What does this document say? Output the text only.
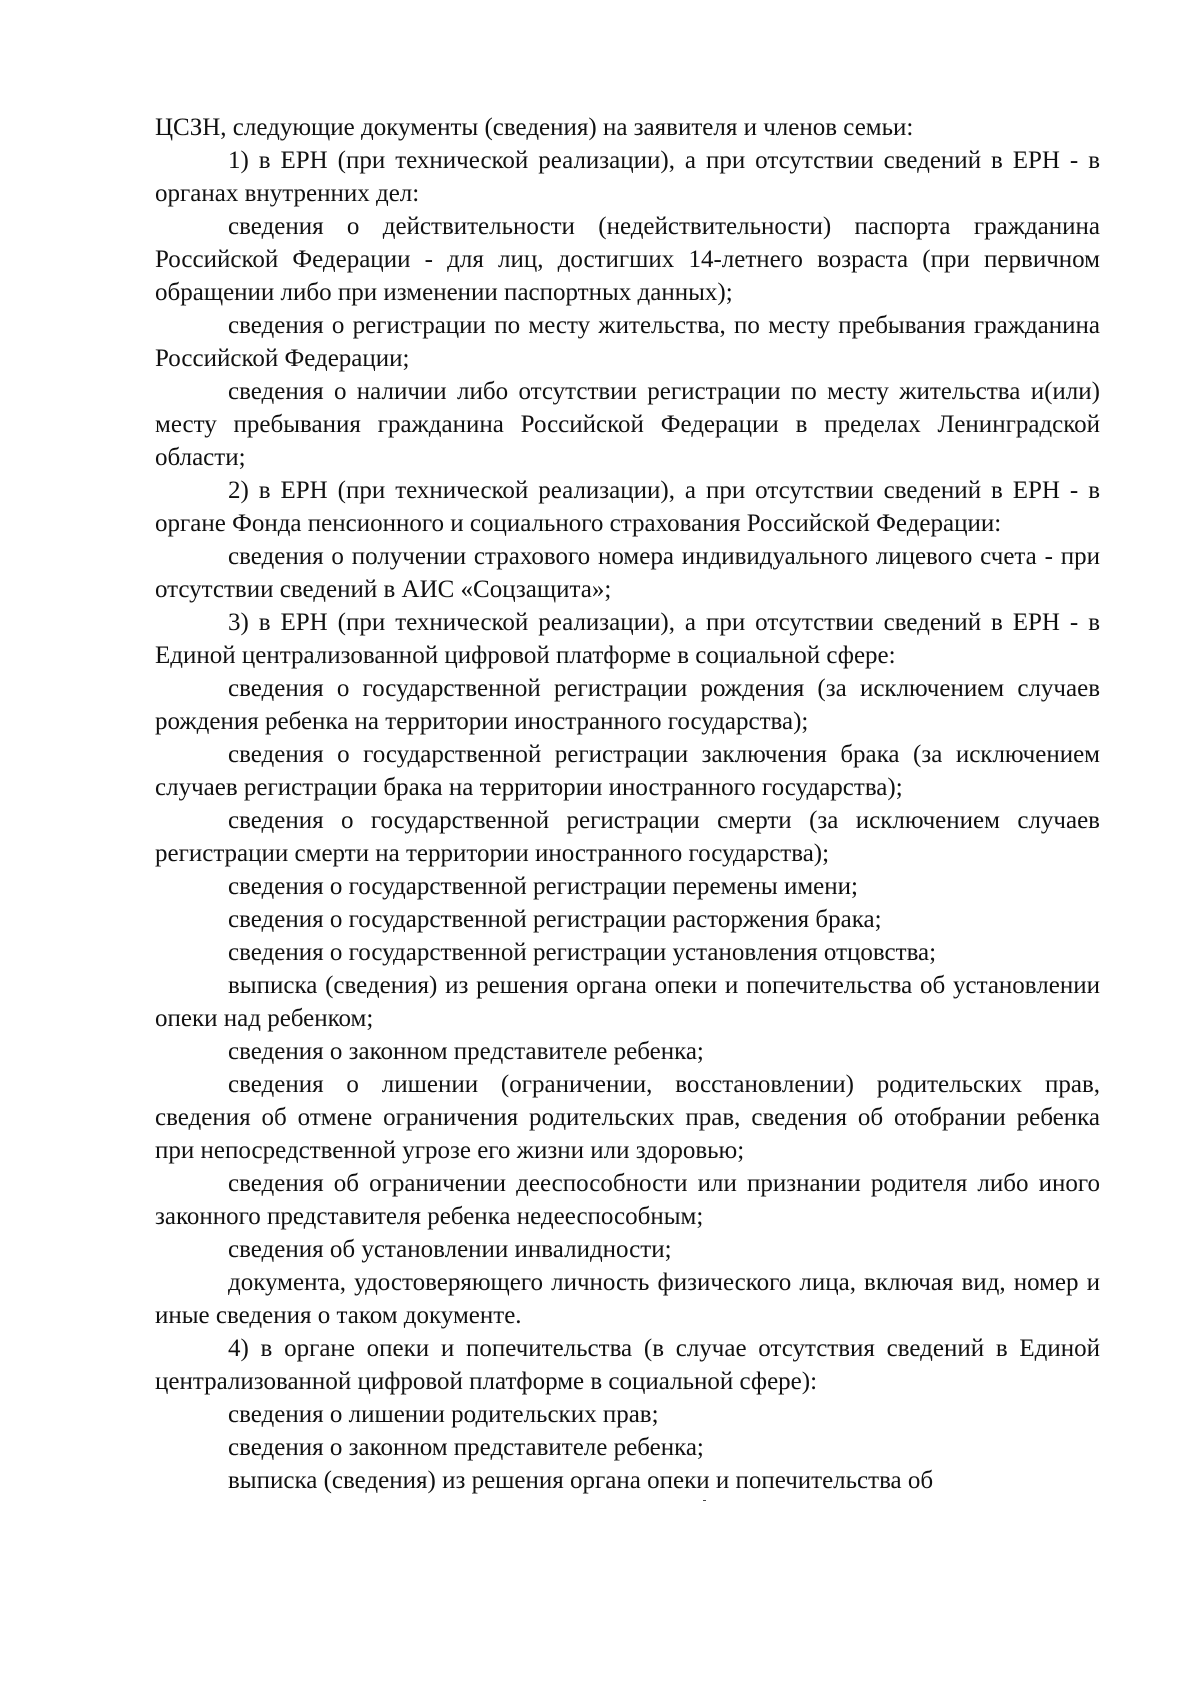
ЦСЗН, следующие документы (сведения) на заявителя и членов семьи:

1) в ЕРН (при технической реализации), а при отсутствии сведений в ЕРН - в органах внутренних дел:

сведения о действительности (недействительности) паспорта гражданина Российской Федерации - для лиц, достигших 14-летнего возраста (при первичном обращении либо при изменении паспортных данных);

сведения о регистрации по месту жительства, по месту пребывания гражданина Российской Федерации;

сведения о наличии либо отсутствии регистрации по месту жительства и(или) месту пребывания гражданина Российской Федерации в пределах Ленинградской области;

2) в ЕРН (при технической реализации), а при отсутствии сведений в ЕРН - в органе Фонда пенсионного и социального страхования Российской Федерации:

сведения о получении страхового номера индивидуального лицевого счета - при отсутствии сведений в АИС «Соцзащита»;

3) в ЕРН (при технической реализации), а при отсутствии сведений в ЕРН - в Единой централизованной цифровой платформе в социальной сфере:

сведения о государственной регистрации рождения (за исключением случаев рождения ребенка на территории иностранного государства);

сведения о государственной регистрации заключения брака (за исключением случаев регистрации брака на территории иностранного государства);

сведения о государственной регистрации смерти (за исключением случаев регистрации смерти на территории иностранного государства);

сведения о государственной регистрации перемены имени;

сведения о государственной регистрации расторжения брака;

сведения о государственной регистрации установления отцовства;

выписка (сведения) из решения органа опеки и попечительства об установлении опеки над ребенком;

сведения о законном представителе ребенка;

сведения о лишении (ограничении, восстановлении) родительских прав, сведения об отмене ограничения родительских прав, сведения об отобрании ребенка при непосредственной угрозе его жизни или здоровью;

сведения об ограничении дееспособности или признании родителя либо иного законного представителя ребенка недееспособным;

сведения об установлении инвалидности;

документа, удостоверяющего личность физического лица, включая вид, номер и иные сведения о таком документе.

4) в органе опеки и попечительства (в случае отсутствия сведений в Единой централизованной цифровой платформе в социальной сфере):

сведения о лишении родительских прав;

сведения о законном представителе ребенка;

выписка (сведения) из решения органа опеки и попечительства об
